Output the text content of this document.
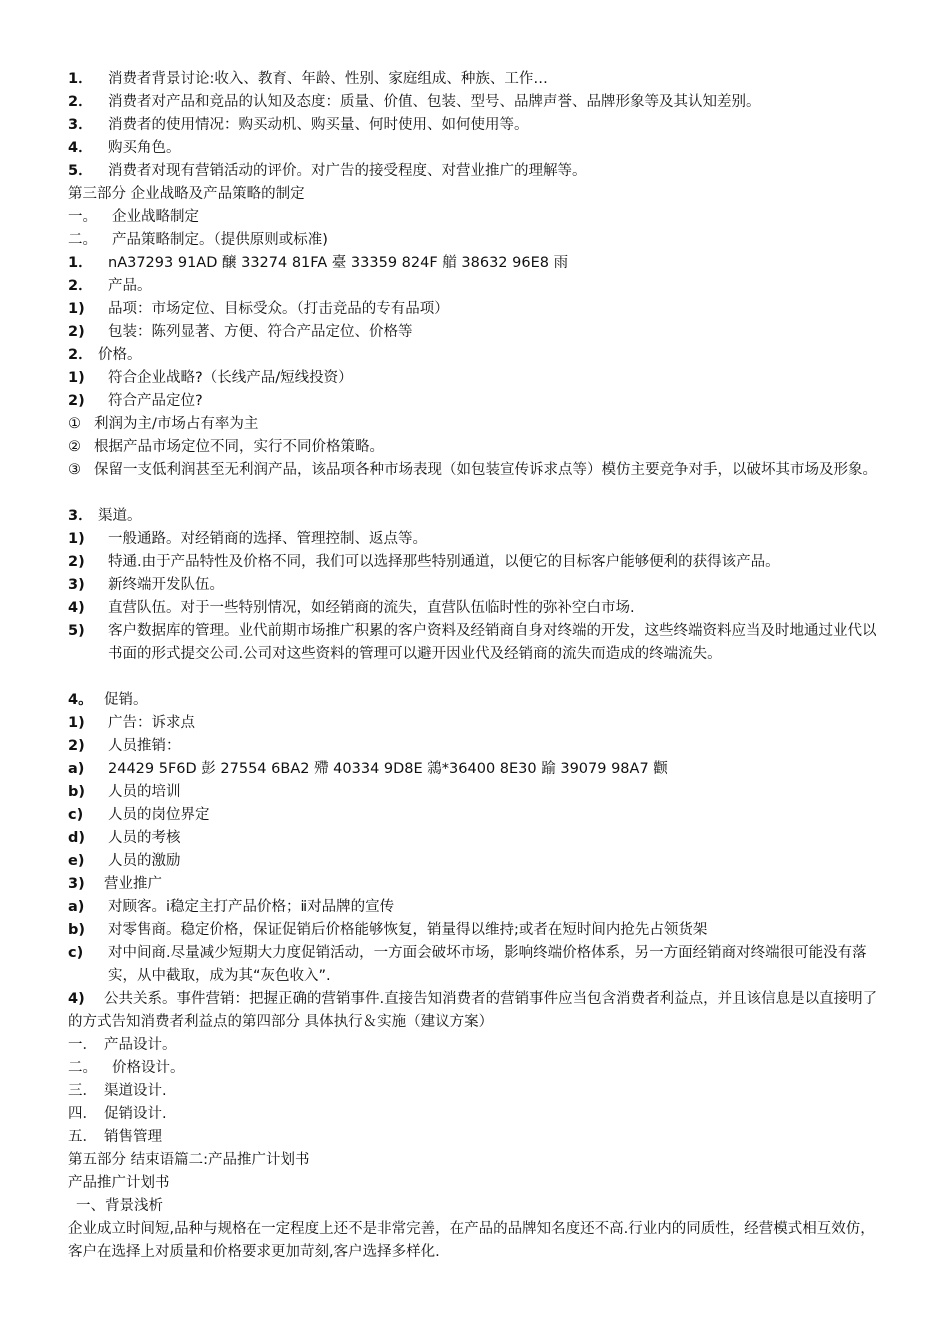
1． 消费者背景讨论:收入、教育、年龄、性别、家庭组成、种族、工作…
2． 消费者对产品和竞品的认知及态度：质量、价值、包装、型号、品牌声誉、品牌形象等及其认知差别。
3． 消费者的使用情况：购买动机、购买量、何时使用、如何使用等。
4． 购买角色。
5． 消费者对现有营销活动的评价。对广告的接受程度、对营业推广的理解等。
第三部分 企业战略及产品策略的制定
一。 企业战略制定
二。 产品策略制定。（提供原则或标准)
1． nA37293 91AD 醸 33274 81FA 臺 33359 824F 艏 38632 96E8 雨
2． 产品。
1) 品项：市场定位、目标受众。（打击竞品的专有品项）
2) 包装：陈列显著、方便、符合产品定位、价格等
2． 价格。
1) 符合企业战略?（长线产品/短线投资）
2) 符合产品定位?
① 利润为主/市场占有率为主
② 根据产品市场定位不同，实行不同价格策略。
③ 保留一支低利润甚至无利润产品，该品项各种市场表现（如包装宣传诉求点等）模仿主要竞争对手，以破坏其市场及形象。
3． 渠道。
1) 一般通路。对经销商的选择、管理控制、返点等。
2) 特通.由于产品特性及价格不同，我们可以选择那些特别通道，以便它的目标客户能够便利的获得该产品。
3) 新终端开发队伍。
4) 直营队伍。对于一些特别情况，如经销商的流失，直营队伍临时性的弥补空白市场.
5) 客户数据库的管理。业代前期市场推广积累的客户资料及经销商自身对终端的开发，这些终端资料应当及时地通过业代以书面的形式提交公司.公司对这些资料的管理可以避开因业代及经销商的流失而造成的终端流失。
4。 促销。
1) 广告：诉求点
2) 人员推销：
a) 24429 5F6D 彭 27554 6BA2 殢 40334 9D8E 鶎*36400 8E30 踰 39079 98A7 颧
b) 人员的培训
c) 人员的岗位界定
d) 人员的考核
e) 人员的激励
3) 营业推广
a) 对顾客。ⅰ稳定主打产品价格；ⅱ对品牌的宣传
b) 对零售商。稳定价格，保证促销后价格能够恢复，销量得以维持;或者在短时间内抢先占领货架
c) 对中间商.尽量减少短期大力度促销活动，一方面会破坏市场，影响终端价格体系，另一方面经销商对终端很可能没有落实，从中截取，成为其“灰色收入”.
4) 公共关系。事件营销：把握正确的营销事件.直接告知消费者的营销事件应当包含消费者利益点，并且该信息是以直接明了的方式告知消费者利益点的第四部分 具体执行＆实施（建议方案）
一． 产品设计。
二。 价格设计。
三． 渠道设计.
四． 促销设计.
五． 销售管理
第五部分 结束语篇二:产品推广计划书
产品推广计划书
一、背景浅析
企业成立时间短,品种与规格在一定程度上还不是非常完善，在产品的品牌知名度还不高.行业内的同质性，经营模式相互效仿，客户在选择上对质量和价格要求更加苛刻,客户选择多样化.
